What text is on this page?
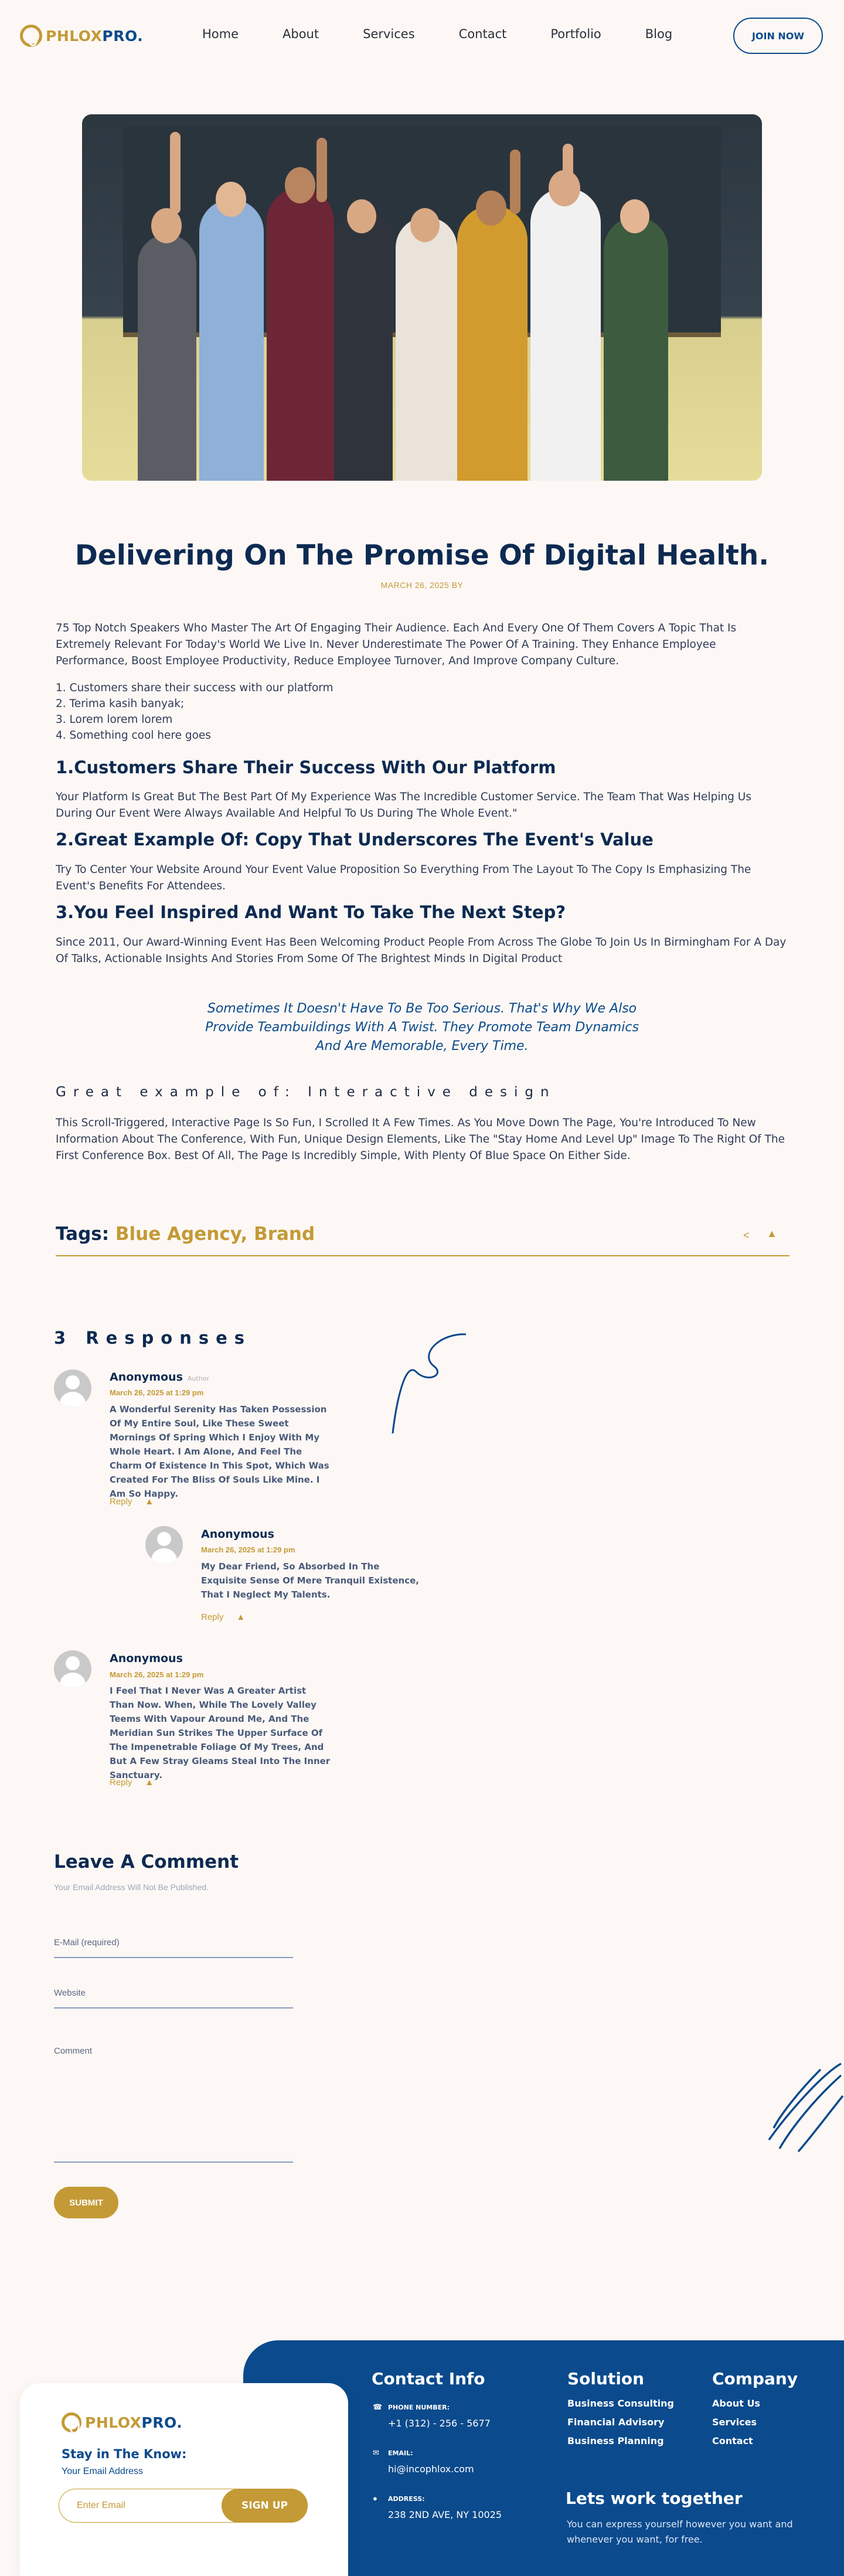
PHLOX PRO.	Home	About	Services	Contact	Portfolio	Blog	JOIN NOW
Delivering On The Promise Of Digital Health.
MARCH 26, 2025 BY

75 Top Notch Speakers Who Master The Art Of Engaging Their Audience. Each And Every One Of Them Covers A Topic That Is Extremely Relevant For Today's World We Live In. Never Underestimate The Power Of A Training. They Enhance Employee Performance, Boost Employee Productivity, Reduce Employee Turnover, And Improve Company Culture.

1. Customers share their success with our platform
2. Terima kasih banyak;
3. Lorem lorem lorem
4. Something cool here goes
1.Customers Share Their Success With Our Platform

Your Platform Is Great But The Best Part Of My Experience Was The Incredible Customer Service. The Team That Was Helping Us During Our Event Were Always Available And Helpful To Us During The Whole Event."

2.Great Example Of: Copy That Underscores The Event's Value

Try To Center Your Website Around Your Event Value Proposition So Everything From The Layout To The Copy Is Emphasizing The Event's Benefits For Attendees.

3.You Feel Inspired And Want To Take The Next Step?

Since 2011, Our Award-Winning Event Has Been Welcoming Product People From Across The Globe To Join Us In Birmingham For A Day Of Talks, Actionable Insights And Stories From Some Of The Brightest Minds In Digital Product

Sometimes It Doesn't Have To Be Too Serious. That's Why We Also
Provide Teambuildings With A Twist. They Promote Team Dynamics
And Are Memorable, Every Time.
Great example of: Interactive design

This Scroll-Triggered, Interactive Page Is So Fun, I Scrolled It A Few Times. As You Move Down The Page, You're Introduced To New Information About The Conference, With Fun, Unique Design Elements, Like The "Stay Home And Level Up" Image To The Right Of The First Conference Box. Best Of All, The Page Is Incredibly Simple, With Plenty Of Blue Space On Either Side.

Tags: Blue Agency, Brand	< ▲
3 Responses
Anonymous Author
March 26, 2025 at 1:29 pm
A Wonderful Serenity Has Taken Possession Of My Entire Soul, Like These Sweet Mornings Of Spring Which I Enjoy With My Whole Heart. I Am Alone, And Feel The Charm Of Existence In This Spot, Which Was Created For The Bliss Of Souls Like Mine. I Am So Happy.
Reply ▲
Anonymous
March 26, 2025 at 1:29 pm
My Dear Friend, So Absorbed In The Exquisite Sense Of Mere Tranquil Existence, That I Neglect My Talents.
Reply ▲
Anonymous
March 26, 2025 at 1:29 pm
I Feel That I Never Was A Greater Artist Than Now. When, While The Lovely Valley Teems With Vapour Around Me, And The Meridian Sun Strikes The Upper Surface Of The Impenetrable Foliage Of My Trees, And But A Few Stray Gleams Steal Into The Inner Sanctuary.
Reply ▲
Leave A Comment
Your Email Address Will Not Be Published.
E-Mail (required)
Website
Comment
SUBMIT
Contact Info
☎ PHONE NUMBER:
+1 (312) - 256 - 5677
✉ EMAIL:
hi@incophlox.com
● ADDRESS:
238 2ND AVE, NY 10025
Solution
Business Consulting
Financial Advisory
Business Planning
Company
About Us
Services
Contact
Lets work together
You can express yourself however you want and whenever you want, for free.
PHLOX PRO.
Stay in The Know:
Your Email Address
Enter Email	SIGN UP
